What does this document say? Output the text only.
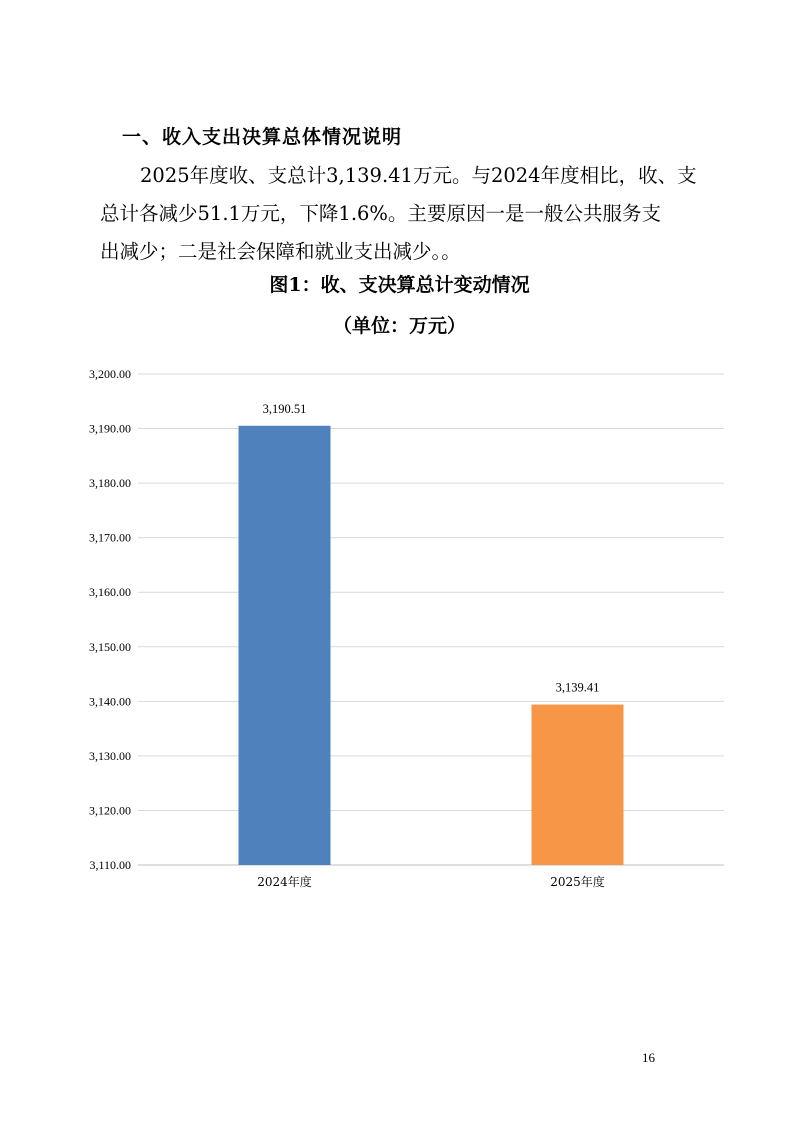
一、收入支出决算总体情况说明
2025年度收、支总计3,139.41万元。与2024年度相比，收、支
总计各减少51.1万元，下降1.6%。主要原因一是一般公共服务支
出减少；二是社会保障和就业支出减少。。
图1：收、支决算总计变动情况
（单位：万元）
3,110.00
3,120.00
3,130.00
3,140.00
3,150.00
3,160.00
3,170.00
3,180.00
3,190.00
3,200.00
3,190.51
2024年度
3,139.41
2025年度
16
